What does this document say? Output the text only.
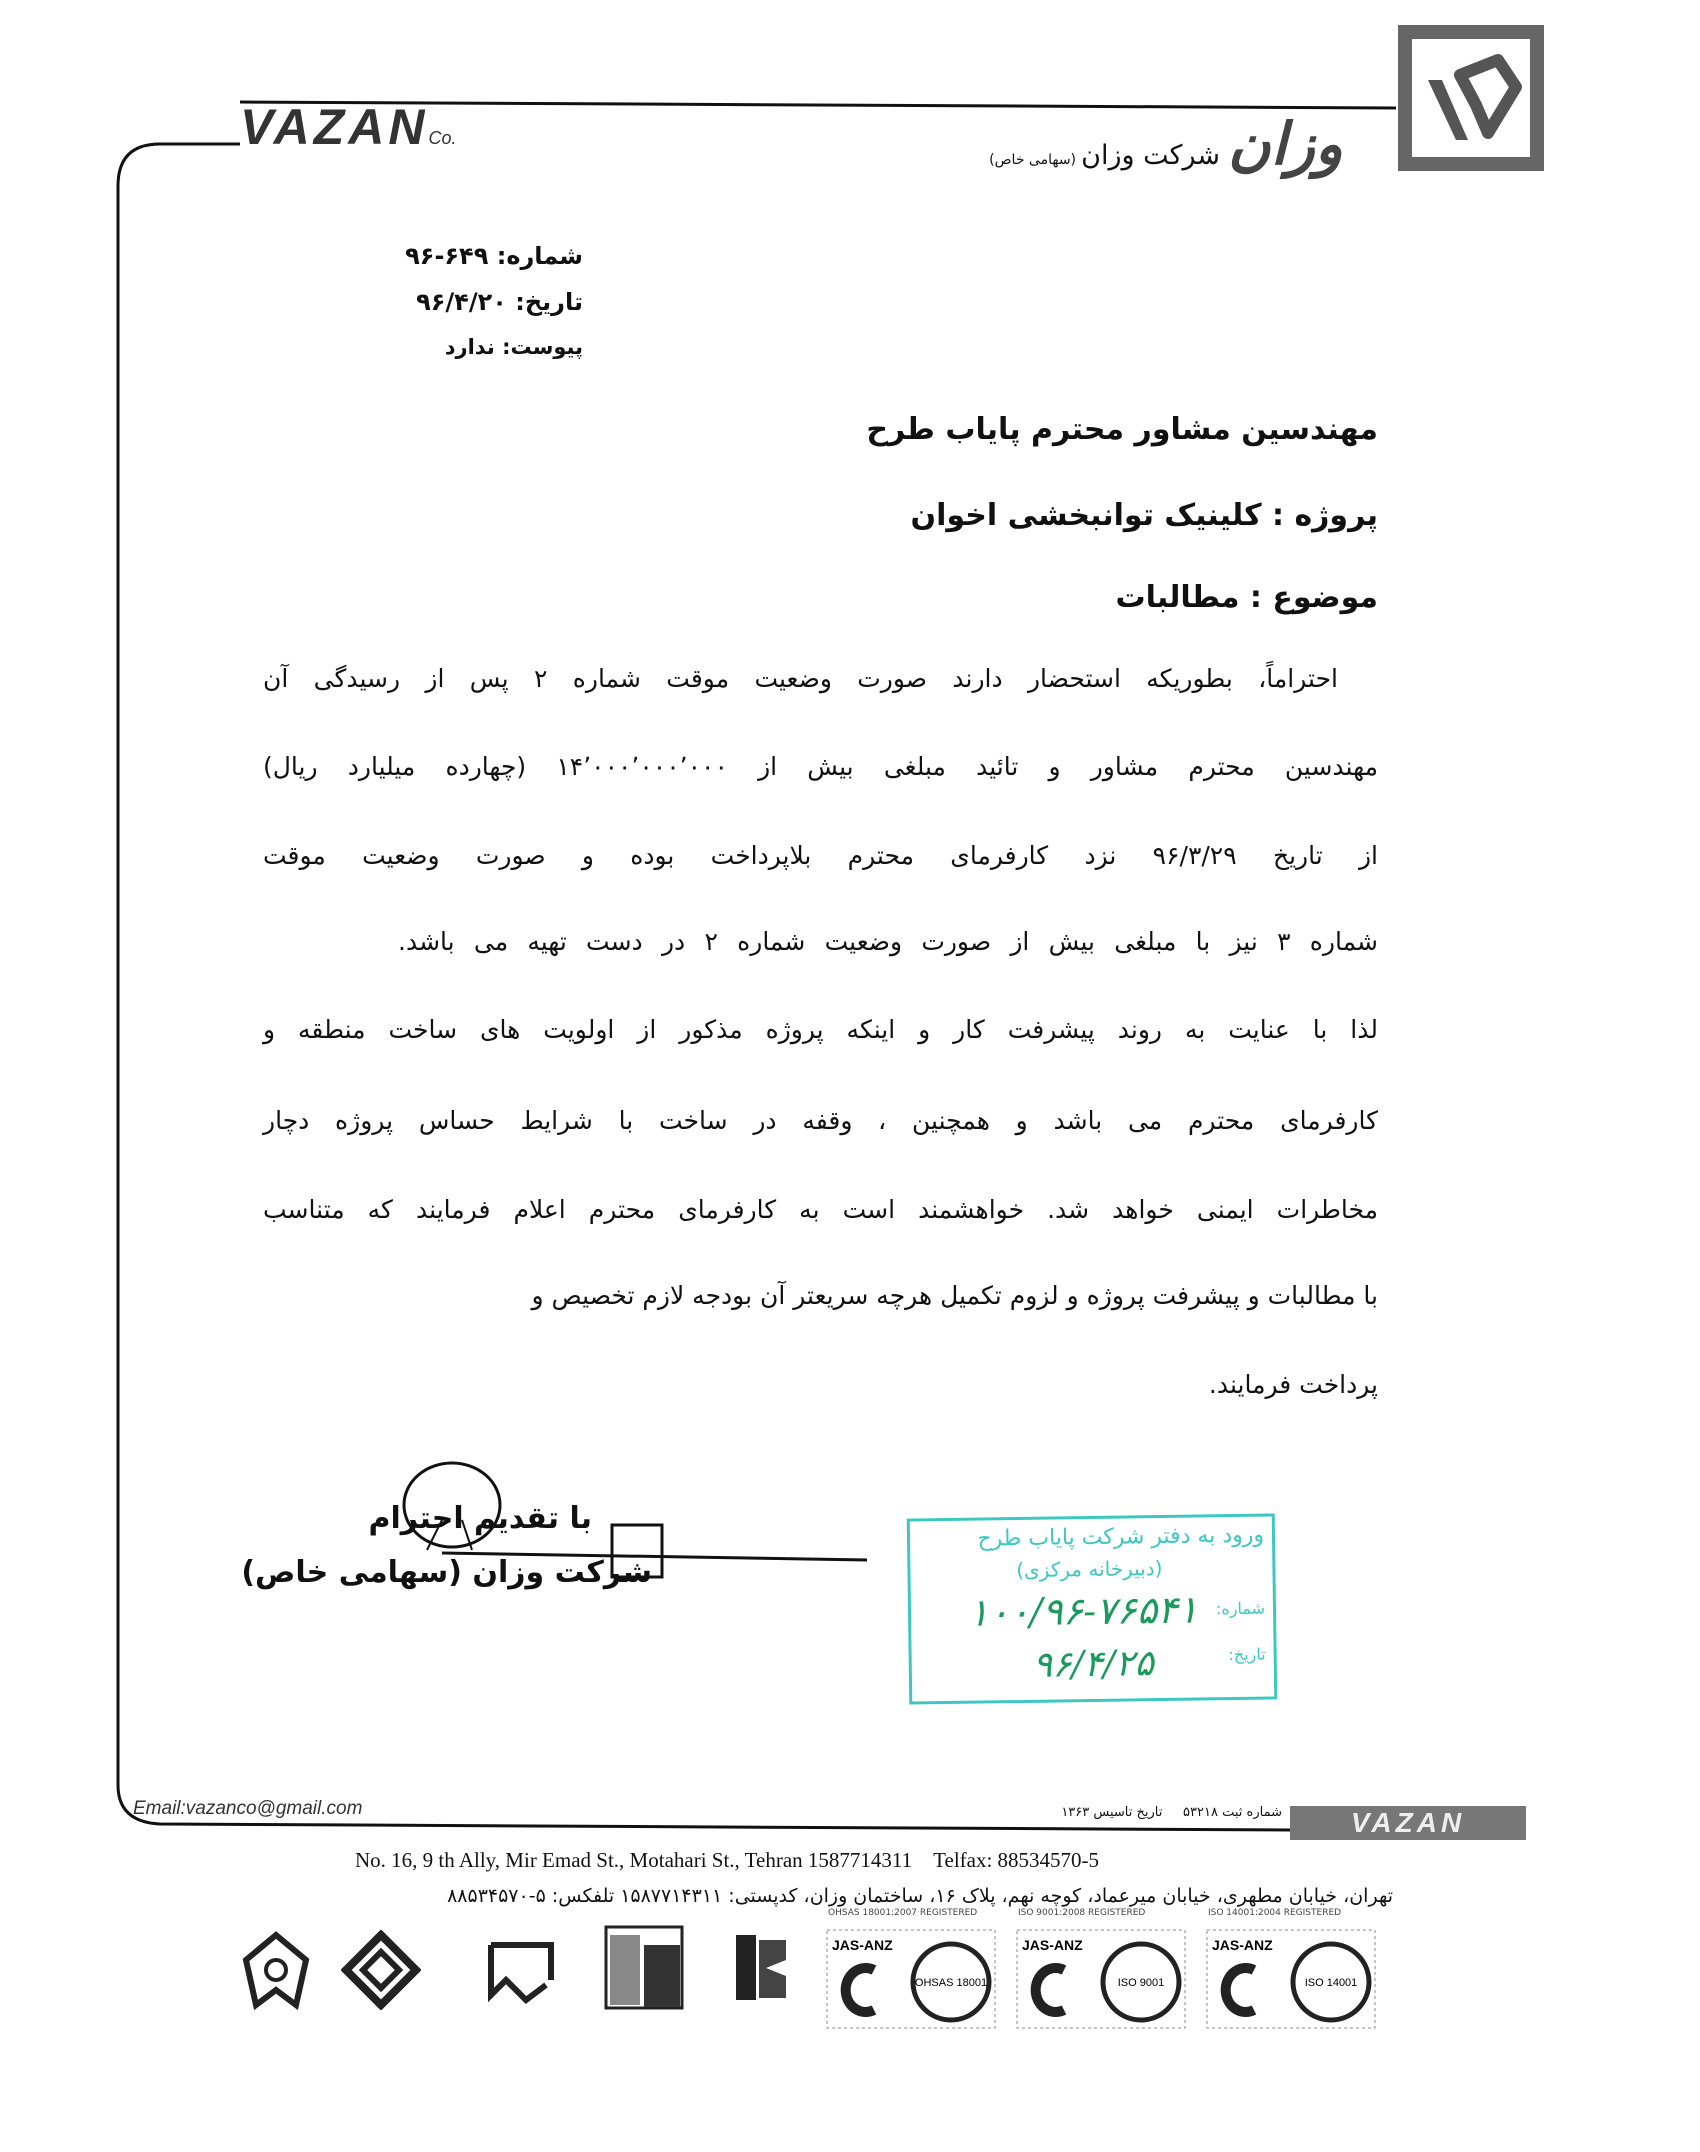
VAZANCo.	وزان
شرکت وزان (سهامی خاص)
شماره: ۶۴۹-۹۶
تاریخ: ۹۶/۴/۲۰
پیوست: ندارد
مهندسین مشاور محترم پایاب طرح
پروژه : کلینیک توانبخشی اخوان
موضوع : مطالبات
احتراماً، بطوریکه استحضار دارند صورت وضعیت موقت شماره ۲ پس از رسیدگی آن
مهندسین محترم مشاور و تائید مبلغی بیش از ۱۴٬۰۰۰٬۰۰۰٬۰۰۰ (چهارده میلیارد ریال)
از تاریخ ۹۶/۳/۲۹ نزد کارفرمای محترم بلاپرداخت بوده و صورت وضعیت موقت
شماره ۳ نیز با مبلغی بیش از صورت وضعیت شماره ۲ در دست تهیه می باشد.
لذا با عنایت به روند پیشرفت کار و اینکه پروژه مذکور از اولویت های ساخت منطقه و
کارفرمای محترم می باشد و همچنین ، وقفه در ساخت با شرایط حساس پروژه دچار
مخاطرات ایمنی خواهد شد. خواهشمند است به کارفرمای محترم اعلام فرمایند که متناسب
با مطالبات و پیشرفت پروژه و لزوم تکمیل هرچه سریعتر آن بودجه لازم تخصیص و
پرداخت فرمایند.
با تقدیم احترام
شرکت وزان (سهامی خاص)
ورود به دفتر شرکت پایاب طرح
(دبیرخانه مرکزی)
شماره:
۱۰۰/۹۶-۷۶۵۴۱
تاریخ:
۹۶/۴/۲۵
Email:vazanco@gmail.com	شماره ثبت ۵۳۲۱۸     تاریخ تاسیس ۱۳۶۳	VAZAN
No. 16, 9 th Ally, Mir Emad St., Motahari St., Tehran 1587714311 Telfax: 88534570-5
تهران، خیابان مطهری، خیابان میرعماد، کوچه نهم، پلاک ۱۶، ساختمان وزان، کدپستی: ۱۵۸۷۷۱۴۳۱۱ تلفکس: ۵-۸۸۵۳۴۵۷۰
JAS-ANZ
OHSAS 18001
JAS-ANZ
ISO 9001
JAS-ANZ
ISO 14001
OHSAS 18001:2007 REGISTERED	ISO 9001:2008 REGISTERED	ISO 14001:2004 REGISTERED
